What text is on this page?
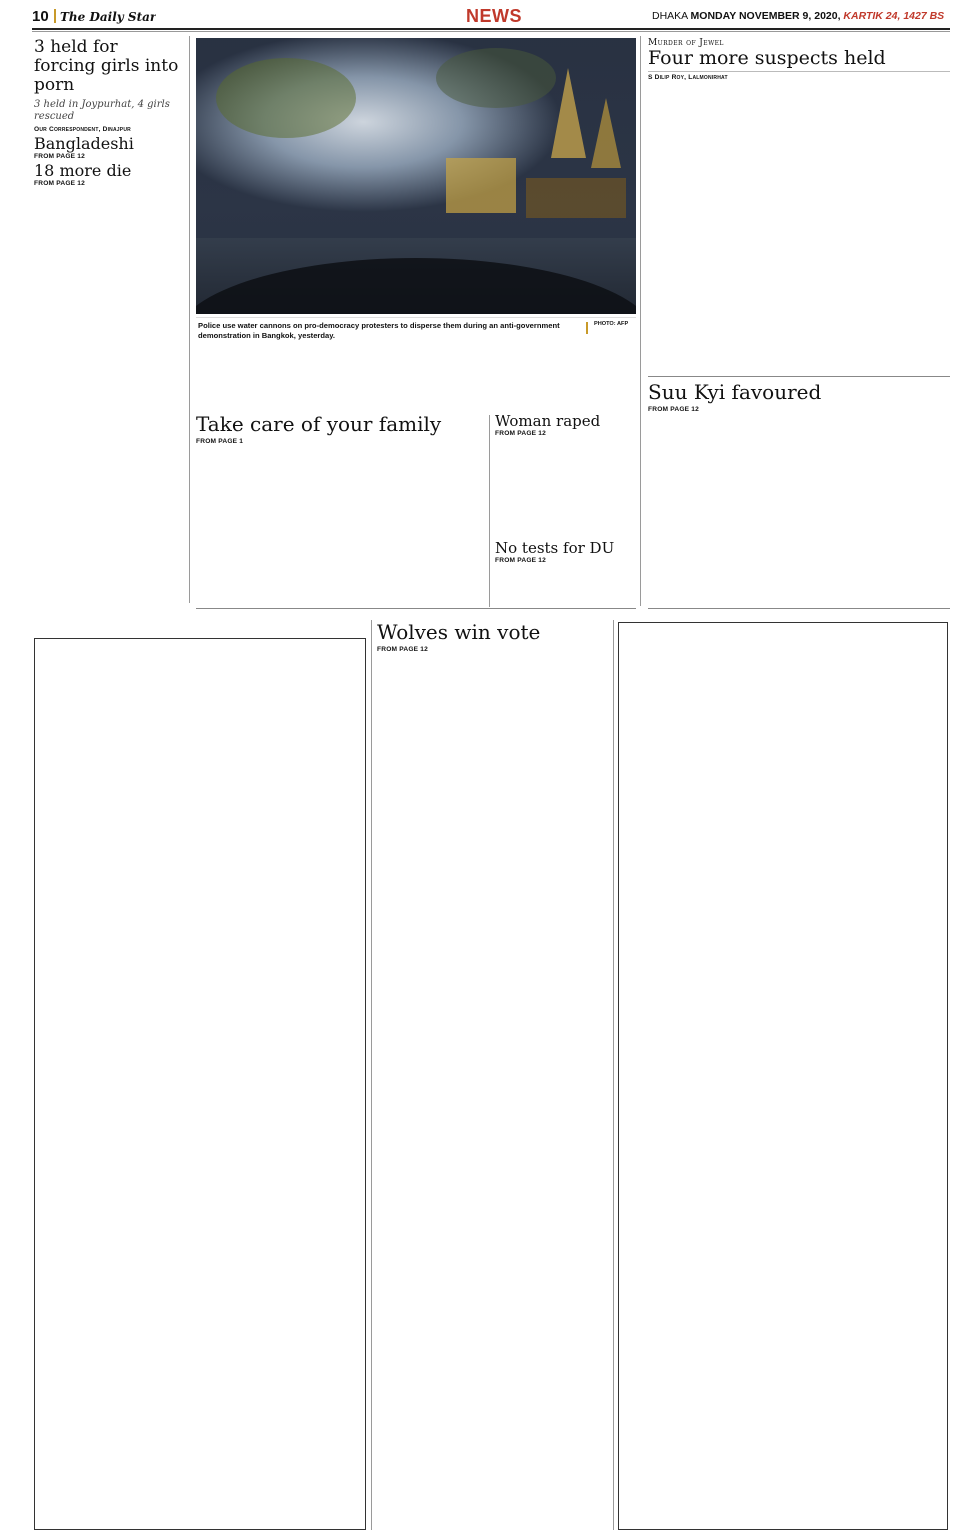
10 The Daily Star	NEWS	DHAKA MONDAY NOVEMBER 9, 2020, KARTIK 24, 1427 BS
3 held for forcing girls into porn
3 held in Joypurhat, 4 girls rescued
Our Correspondent, Dinajpur
Bangladeshi
FROM PAGE 12
18 more die
FROM PAGE 12
Police use water cannons on pro-democracy protesters to disperse them during an anti-government demonstration in Bangkok, yesterday.
PHOTO: AFP
Murder of Jewel
Four more suspects held
S Dilip Roy, Lalmonirhat
Take care of your family
FROM PAGE 1
Woman raped
FROM PAGE 12
No tests for DU
FROM PAGE 12
Suu Kyi favoured
FROM PAGE 12
Wolves win vote
FROM PAGE 12
